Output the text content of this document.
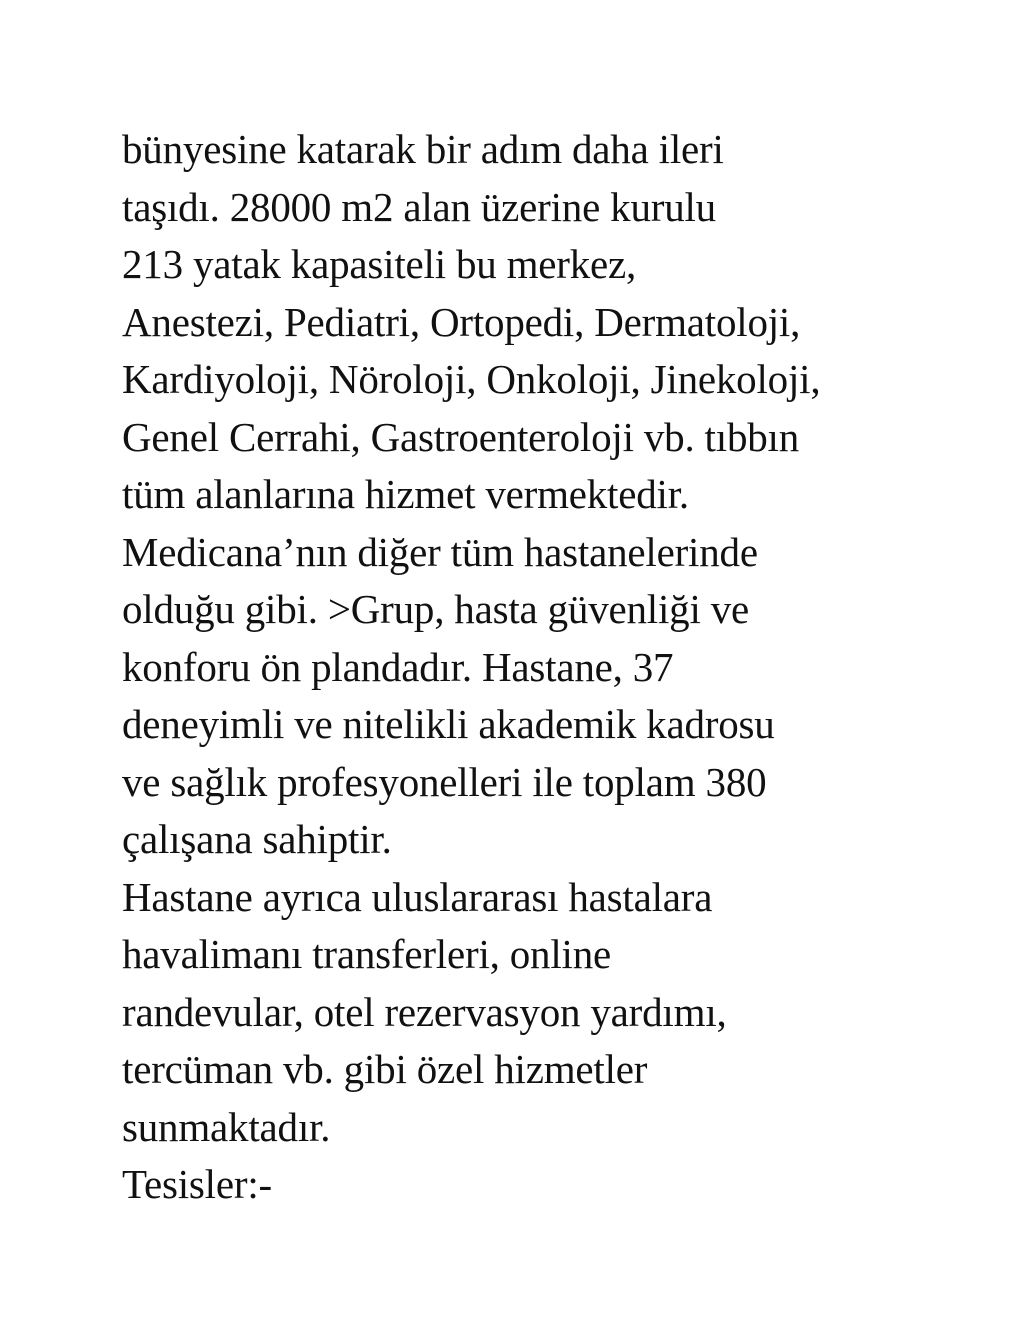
bünyesine katarak bir adım daha ileri
taşıdı. 28000 m2 alan üzerine kurulu
213 yatak kapasiteli bu merkez,
Anestezi, Pediatri, Ortopedi, Dermatoloji,
Kardiyoloji, Nöroloji, Onkoloji, Jinekoloji,
Genel Cerrahi, Gastroenteroloji vb. tıbbın
tüm alanlarına hizmet vermektedir.
Medicana’nın diğer tüm hastanelerinde
olduğu gibi. >Grup, hasta güvenliği ve
konforu ön plandadır. Hastane, 37
deneyimli ve nitelikli akademik kadrosu
ve sağlık profesyonelleri ile toplam 380
çalışana sahiptir.
Hastane ayrıca uluslararası hastalara
havalimanı transferleri, online
randevular, otel rezervasyon yardımı,
tercüman vb. gibi özel hizmetler
sunmaktadır.
Tesisler:-
